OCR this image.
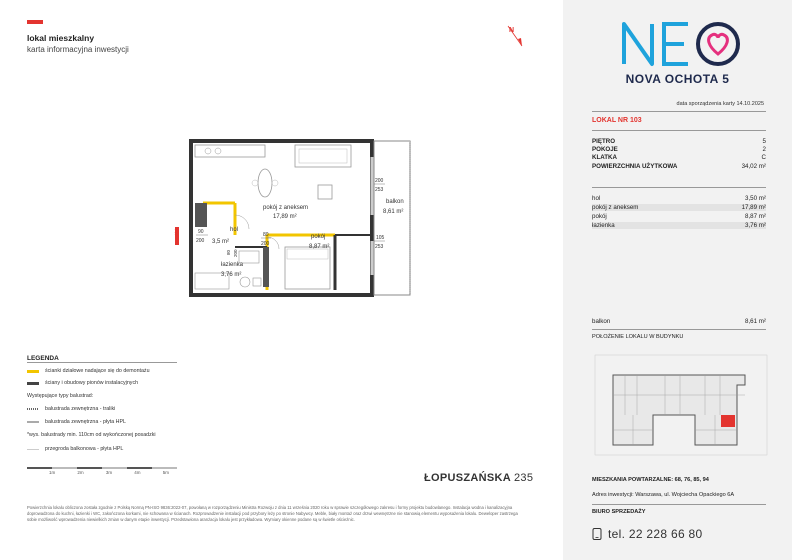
lokal mieszkalny
karta informacyjna inwestycji
N
wejście
pokój z aneksem
17,89 m²
hol
3,5 m²
pokój
8,87 m²
łazienka
3,76 m²
balkon
8,61 m²
200
253
90
200
80
200
105
253
80 200
LEGENDA
ścianki działowe nadające się do demontażu
ściany i obudowy pionów instalacyjnych
Występujące typy balustrad:
balustrada zewnętrzna - traliki
balustrada zewnętrzna - płyta HPL
*wys. balustrady min. 110cm od wykończonej posadzki
przegroda balkonowa - płyta HPL
1m	2m	3m	4m	5m	ŁOPUSZAŃSKA 235
Powierzchnia lokalu obliczona została zgodnie z Polską Normą PN-ISO 9836:2022-07, powołaną w rozporządzeniu Ministra Rozwoju z dnia 11 września 2020 roku w sprawie szczegółowego zakresu i formy projektu budowlanego. Instalacja wodna i kanalizacyjna doprowadzona do kuchni, łazienki i WC, zakończona korkami, nie schowana w ścianach. Rozprowadzenie instalacji pod przybory leży po stronie Nabywcy. Meble, biały montaż oraz drzwi wewnętrzne nie stanowią elementu wyposażenia lokalu. Deweloper zastrzega sobie możliwość wprowadzenia niewielkich zmian w danym etapie inwestycji. Przedstawiona aranżacja lokalu jest przykładowa. Wymiary okienne podane są w świetle ościeżnic.
NOVA OCHOTA 5
data sporządzenia karty 14.10.2025
LOKAL NR 103
PIĘTRO	5
POKOJE	2
KLATKA	C
POWIERZCHNIA UŻYTKOWA	34,02 m²
hol	3,50 m²
pokój z aneksem	17,89 m²
pokój	8,87 m²
łazienka	3,76 m²
balkon	8,61 m²
POŁOŻENIE LOKALU W BUDYNKU
MIESZKANIA POWTARZALNE: 68, 76, 85, 94
Adres inwestycji: Warszawa, ul. Wojciecha Opackiego 6A
BIURO SPRZEDAŻY
tel. 22 228 66 80
